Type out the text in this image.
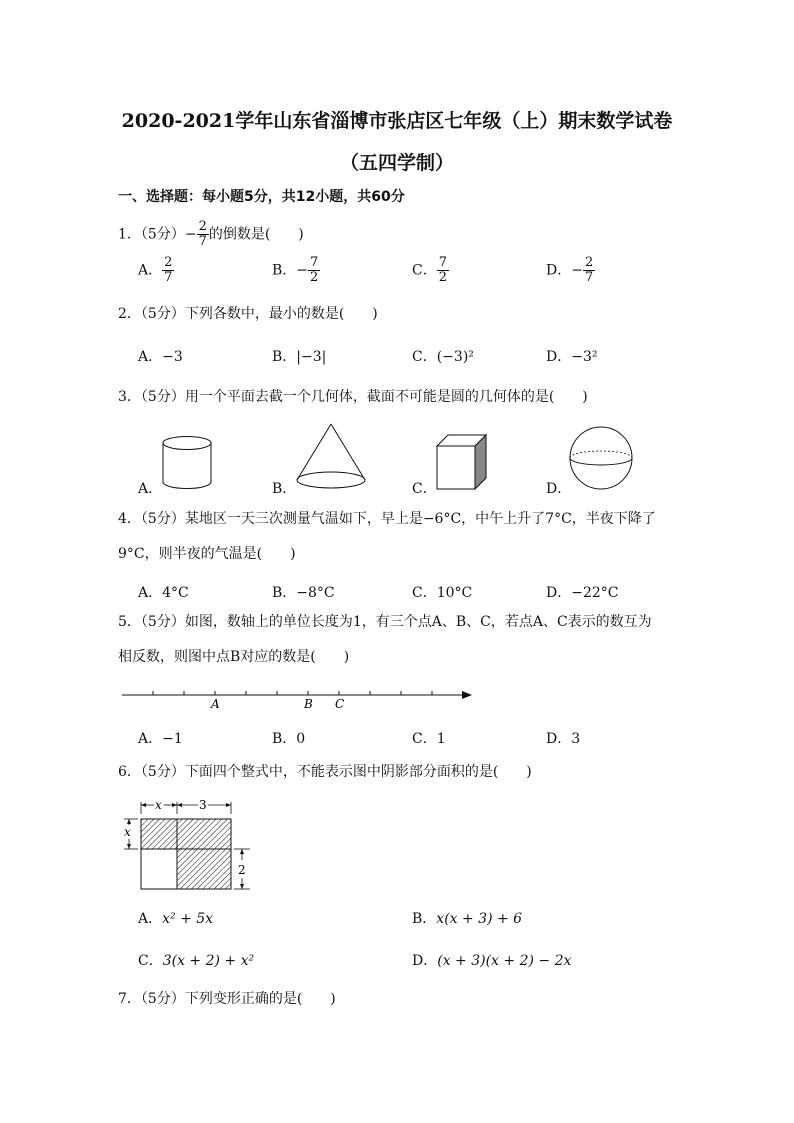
2020-2021学年山东省淄博市张店区七年级（上）期末数学试卷
（五四学制）
一、选择题：每小题5分，共12小题，共60分
1．（5分）− $\frac{2}{7}$ 的倒数是(　　)
A． $\frac{2}{7}$	B．− $\frac{7}{2}$	C． $\frac{7}{2}$	D．− $\frac{2}{7}$
2．（5分）下列各数中，最小的数是(　　)
A．−3	B．|−3|	C．(−3)²	D．−3²
3．（5分）用一个平面去截一个几何体，截面不可能是圆的几何体的是(　　)
A．	B．	C．	D．
4．（5分）某地区一天三次测量气温如下，早上是−6°C，中午上升了7°C，半夜下降了
9°C，则半夜的气温是(　　)
A．4°C	B．−8°C	C．10°C	D．−22°C
5．（5分）如图，数轴上的单位长度为1，有三个点A、B、C，若点A、C表示的数互为
相反数，则图中点B对应的数是(　　)
A	B C
A．−1	B．0	C．1	D．3
6．（5分）下面四个整式中，不能表示图中阴影部分面积的是(　　)
x	3
x
2
A．x² + 5x	B．x(x + 3) + 6
C．3(x + 2) + x²	D．(x + 3)(x + 2) − 2x
7．（5分）下列变形正确的是(　　)
